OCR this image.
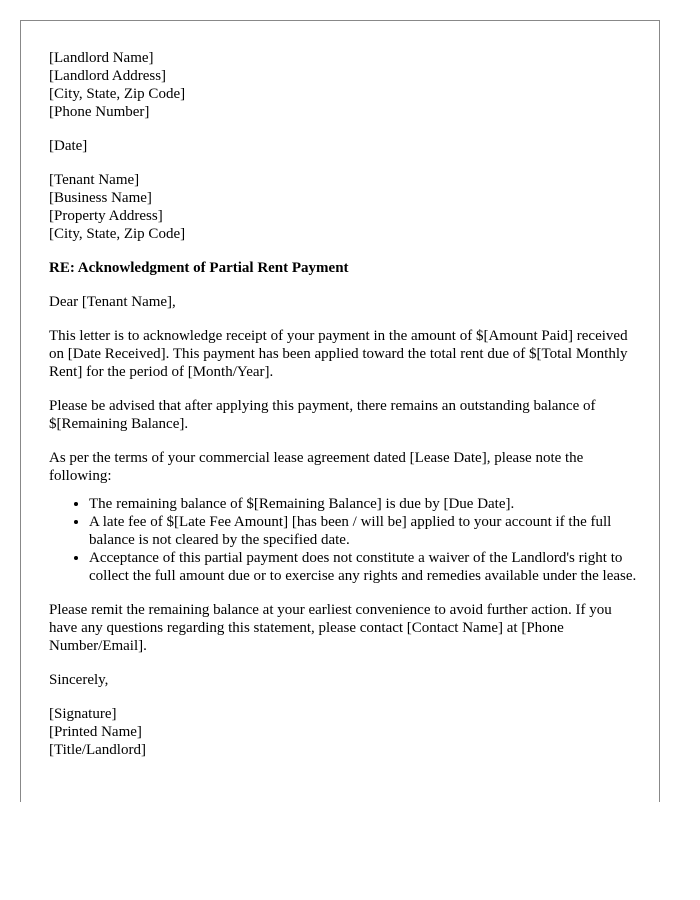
[Landlord Name]
[Landlord Address]
[City, State, Zip Code]
[Phone Number]
[Date]
[Tenant Name]
[Business Name]
[Property Address]
[City, State, Zip Code]
RE: Acknowledgment of Partial Rent Payment

Dear [Tenant Name],

This letter is to acknowledge receipt of your payment in the amount of $[Amount Paid] received on [Date Received]. This payment has been applied toward the total rent due of $[Total Monthly Rent] for the period of [Month/Year].

Please be advised that after applying this payment, there remains an outstanding balance of $[Remaining Balance].

As per the terms of your commercial lease agreement dated [Lease Date], please note the following:

• The remaining balance of $[Remaining Balance] is due by [Due Date].
• A late fee of $[Late Fee Amount] [has been / will be] applied to your account if the full balance is not cleared by the specified date.
• Acceptance of this partial payment does not constitute a waiver of the Landlord's right to collect the full amount due or to exercise any rights and remedies available under the lease.

Please remit the remaining balance at your earliest convenience to avoid further action. If you have any questions regarding this statement, please contact [Contact Name] at [Phone Number/Email].

Sincerely,

[Signature]
[Printed Name]
[Title/Landlord]
